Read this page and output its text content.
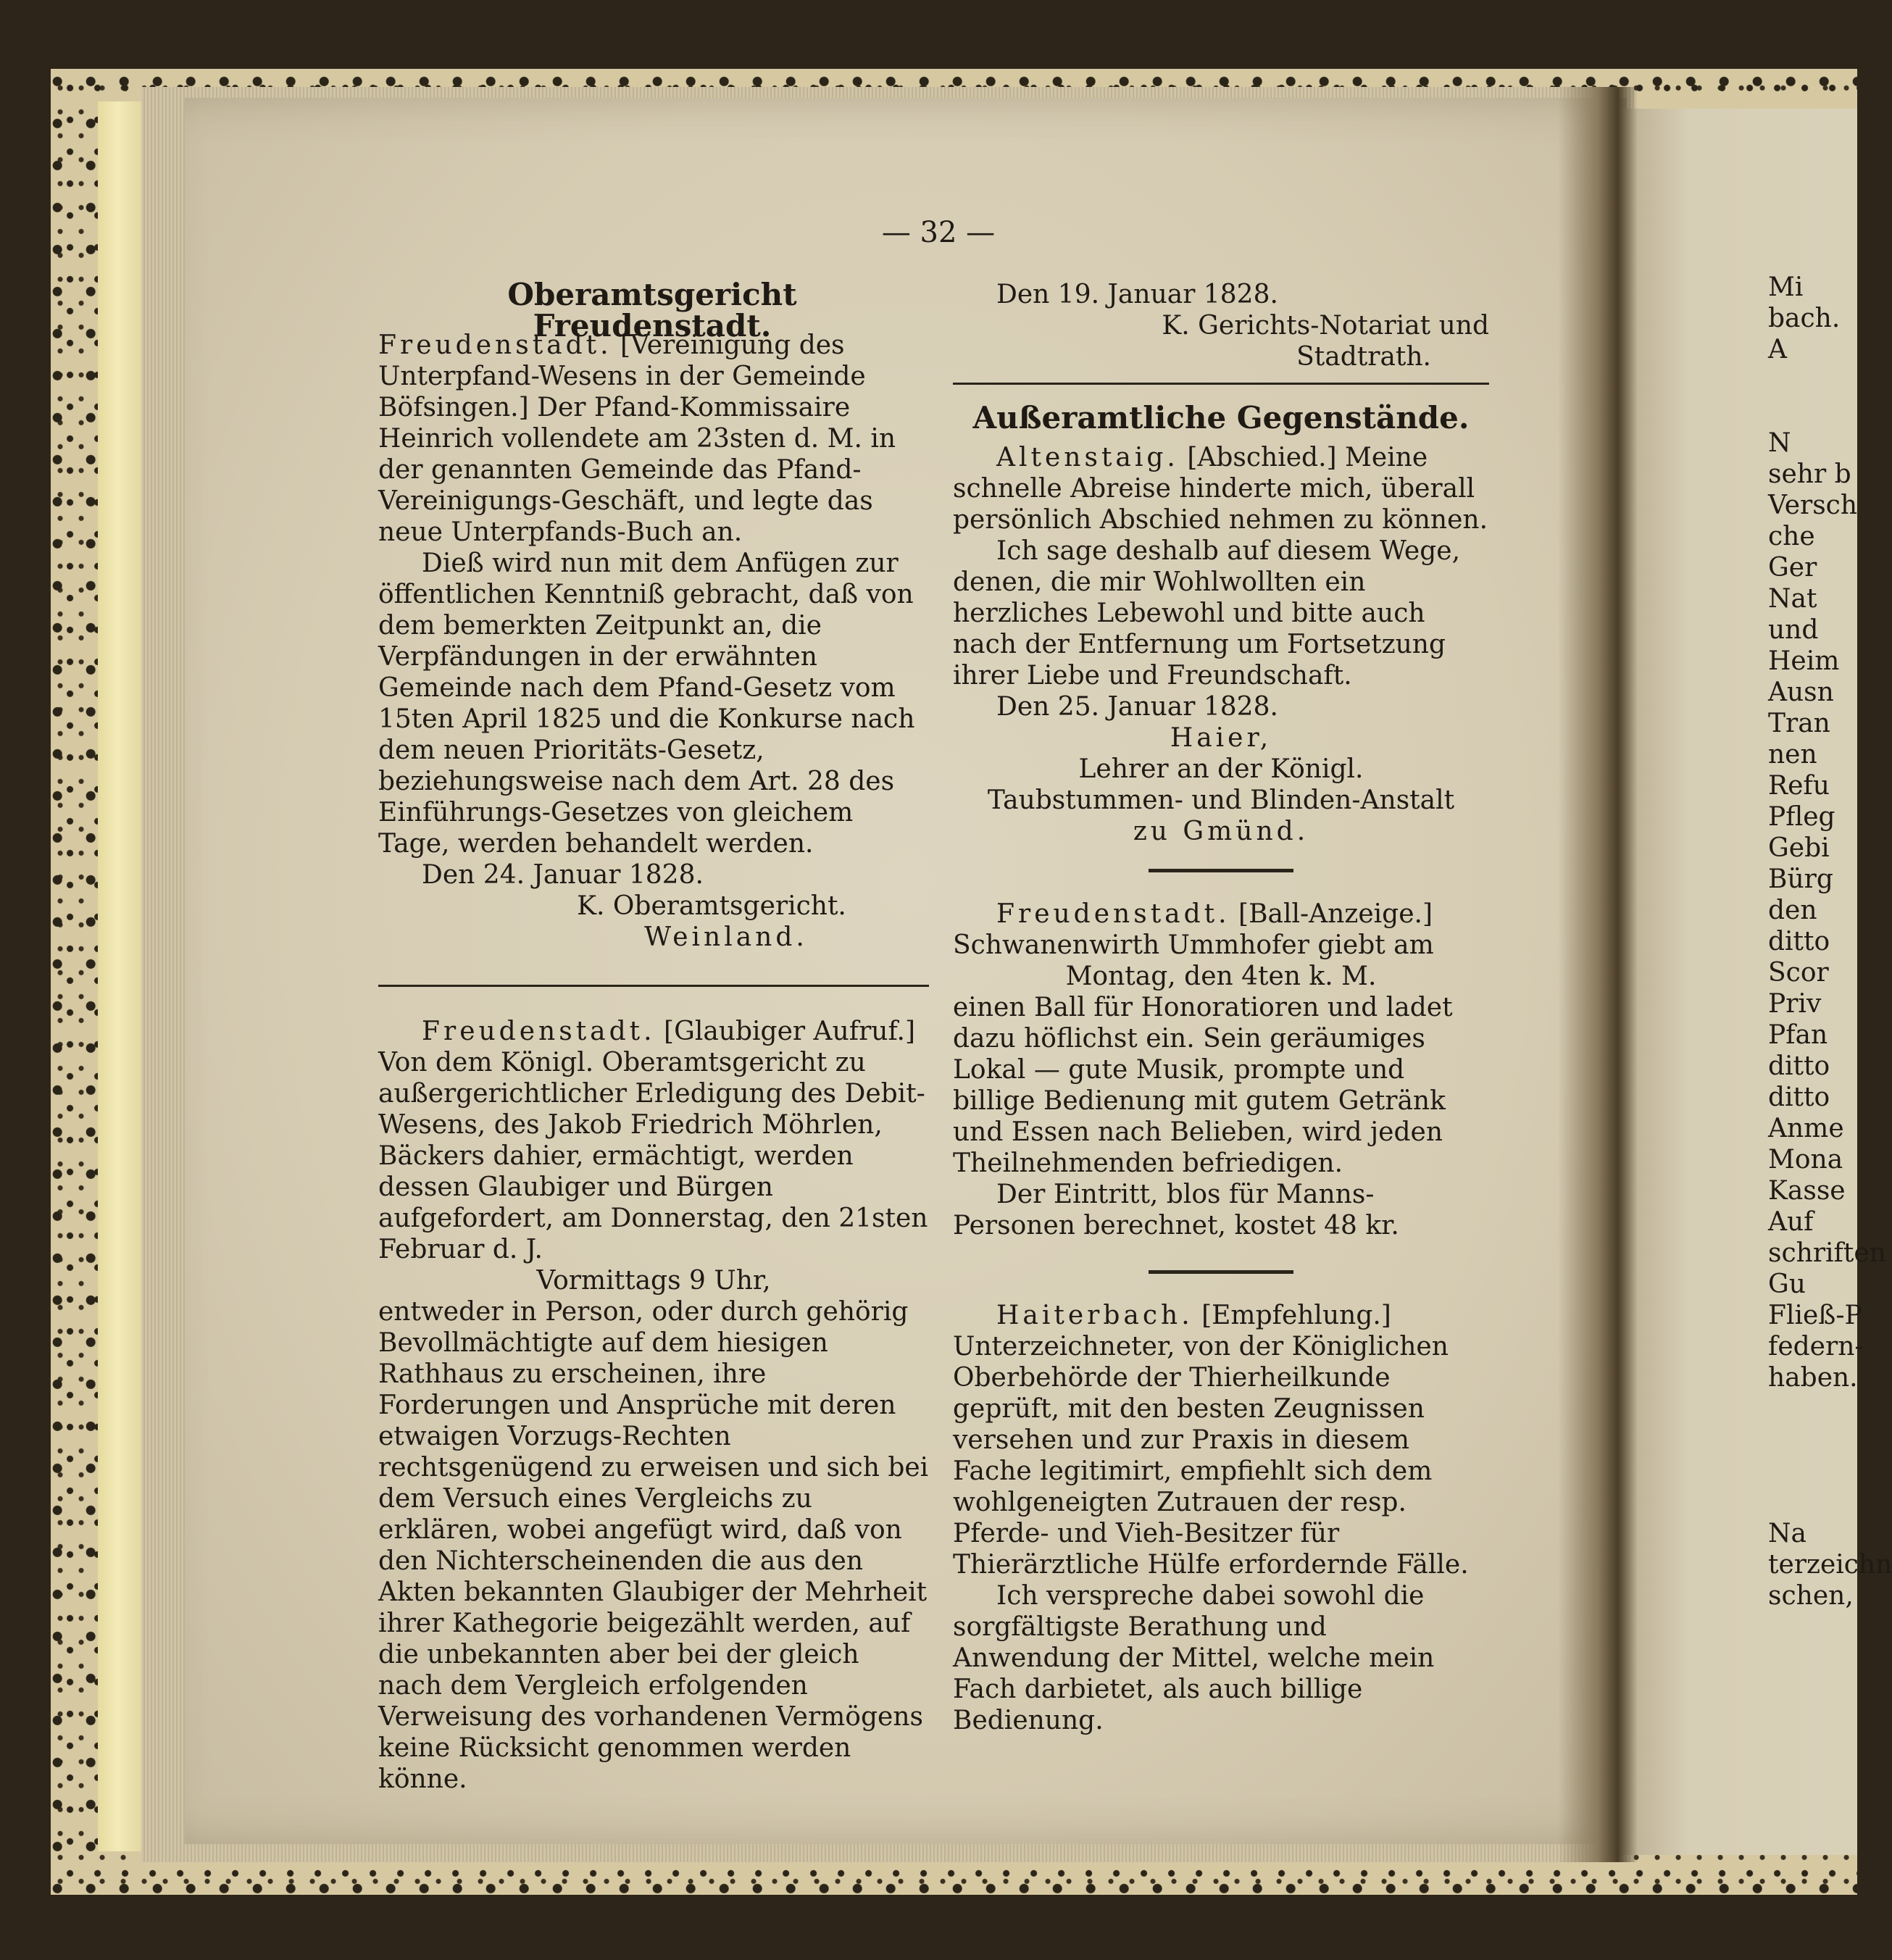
— 32 —
Oberamtsgericht Freudenstadt.

Freudenstadt. [Vereinigung des Unterpfand-Wesens in der Gemeinde Böfsingen.] Der Pfand-Kommissaire Heinrich vollendete am 23sten d. M. in der genannten Gemeinde das Pfand-Vereinigungs-Geschäft, und legte das neue Unterpfands-Buch an.

Dieß wird nun mit dem Anfügen zur öffentlichen Kenntniß gebracht, daß von dem bemerkten Zeitpunkt an, die Verpfändungen in der erwähnten Gemeinde nach dem Pfand-Gesetz vom 15ten April 1825 und die Konkurse nach dem neuen Prioritäts-Gesetz, beziehungsweise nach dem Art. 28 des Einführungs-Gesetzes von gleichem Tage, werden behandelt werden.

Den 24. Januar 1828.

K. Oberamtsgericht.

Weinland.

Freudenstadt. [Glaubiger Aufruf.] Von dem Königl. Oberamtsgericht zu außergerichtlicher Erledigung des Debit-Wesens, des Jakob Friedrich Möhrlen, Bäckers dahier, ermächtigt, werden dessen Glaubiger und Bürgen aufgefordert, am Donnerstag, den 21sten Februar d. J.

Vormittags 9 Uhr,

entweder in Person, oder durch gehörig Bevollmächtigte auf dem hiesigen Rathhaus zu erscheinen, ihre Forderungen und Ansprüche mit deren etwaigen Vorzugs-Rechten rechtsgenügend zu erweisen und sich bei dem Versuch eines Vergleichs zu erklären, wobei angefügt wird, daß von den Nichterscheinenden die aus den Akten bekannten Glaubiger der Mehrheit ihrer Kathegorie beigezählt werden, auf die unbekannten aber bei der gleich nach dem Vergleich erfolgenden Verweisung des vorhandenen Vermögens keine Rücksicht genommen werden könne.

Den 19. Januar 1828.

K. Gerichts-Notariat und

Stadtrath.

Außeramtliche Gegenstände.

Altenstaig. [Abschied.] Meine schnelle Abreise hinderte mich, überall persönlich Abschied nehmen zu können.

Ich sage deshalb auf diesem Wege, denen, die mir Wohlwollten ein herzliches Lebewohl und bitte auch nach der Entfernung um Fortsetzung ihrer Liebe und Freundschaft.

Den 25. Januar 1828.

Haier,

Lehrer an der Königl.

Taubstummen- und Blinden-Anstalt

zu Gmünd.

Freudenstadt. [Ball-Anzeige.]

Schwanenwirth Ummhofer giebt am

Montag, den 4ten k. M.

einen Ball für Honoratioren und ladet dazu höflichst ein. Sein geräumiges Lokal — gute Musik, prompte und billige Bedienung mit gutem Getränk und Essen nach Belieben, wird jeden Theilnehmenden befriedigen.

Der Eintritt, blos für Manns-Personen berechnet, kostet 48 kr.

Haiterbach. [Empfehlung.] Unterzeichneter, von der Königlichen Oberbehörde der Thierheilkunde geprüft, mit den besten Zeugnissen versehen und zur Praxis in diesem Fache legitimirt, empfiehlt sich dem wohlgeneigten Zutrauen der resp. Pferde- und Vieh-Besitzer für Thierärztliche Hülfe erfordernde Fälle.

Ich verspreche dabei sowohl die sorgfältigste Berathung und Anwendung der Mittel, welche mein Fach darbietet, als auch billige Bedienung.

Mi
bach.
A
N
sehr b
Versch
che
Ger
Nat
und
Heim
Ausn
Tran
nen
Refu
Pfleg
Gebi
Bürg
den
ditto
Scor
Priv
Pfan
ditto
ditto
Anme
Mona
Kasse
Auf
schriften
Gu
Fließ-P
federn-
haben.
Na
terzeichn
schen,
